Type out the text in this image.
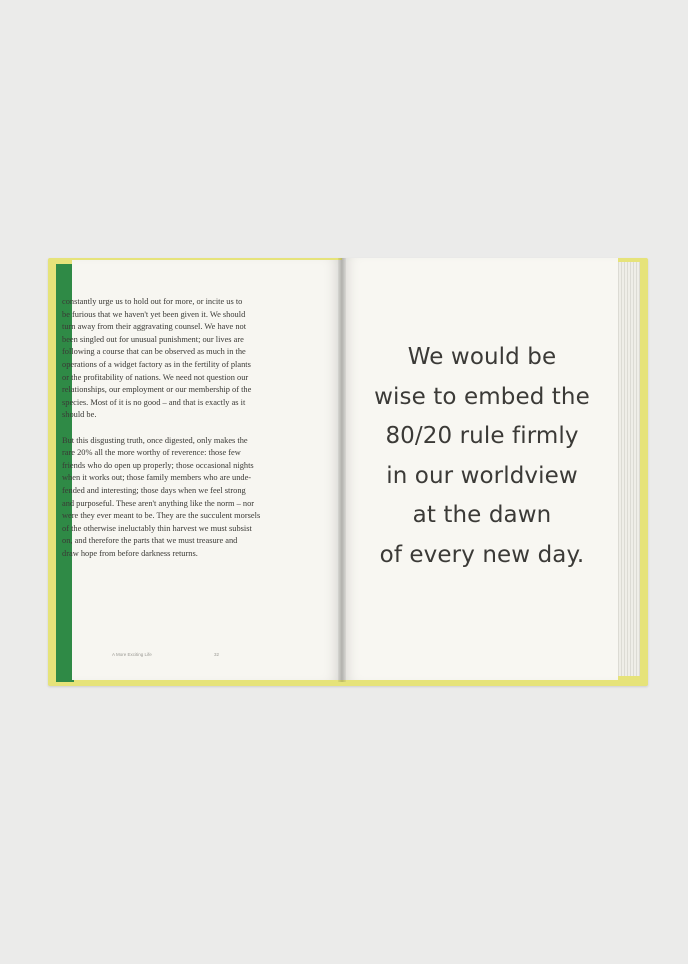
constantly urge us to hold out for more, or incite us to
be furious that we haven't yet been given it. We should
turn away from their aggravating counsel. We have not
been singled out for unusual punishment; our lives are
following a course that can be observed as much in the
operations of a widget factory as in the fertility of plants
or the profitability of nations. We need not question our
relationships, our employment or our membership of the
species. Most of it is no good – and that is exactly as it
should be.

But this disgusting truth, once digested, only makes the
rare 20% all the more worthy of reverence: those few
friends who do open up properly; those occasional nights
when it works out; those family members who are unde-
fended and interesting; those days when we feel strong
and purposeful. These aren't anything like the norm – nor
were they ever meant to be. They are the succulent morsels
of the otherwise ineluctably thin harvest we must subsist
on, and therefore the parts that we must treasure and
draw hope from before darkness returns.

A More Exciting Life	32
We would be
wise to embed the
80/20 rule firmly
in our worldview
at the dawn
of every new day.
